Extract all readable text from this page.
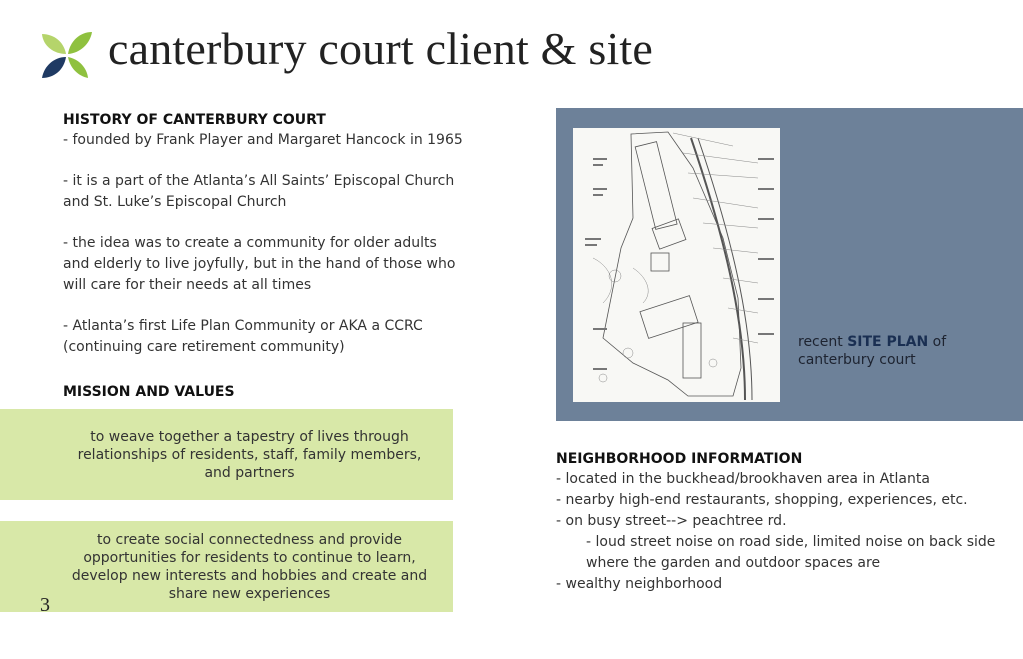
canterbury court client & site

HISTORY OF CANTERBURY COURT

- founded by Frank Player and Margaret Hancock in 1965

- it is a part of the Atlanta’s All Saints’ Episcopal Church and St. Luke’s Episcopal Church

- the idea was to create a community for older adults and elderly to live joyfully, but in the hand of those who will care for their needs at all times

- Atlanta’s first Life Plan Community or AKA a CCRC (continuing care retirement community)

MISSION AND VALUES

to weave together a tapestry of lives through relationships of residents, staff, family members, and partners
to create social connectedness and provide opportunities for residents to continue to learn, develop new interests and hobbies and create and share new experiences
3
recent SITE PLAN of canterbury court

NEIGHBORHOOD INFORMATION

- located in the buckhead/brookhaven area in Atlanta

- nearby high-end restaurants, shopping, experiences, etc.

- on busy street--> peachtree rd.

- loud street noise on road side, limited noise on back side where the garden and outdoor spaces are

- wealthy neighborhood
